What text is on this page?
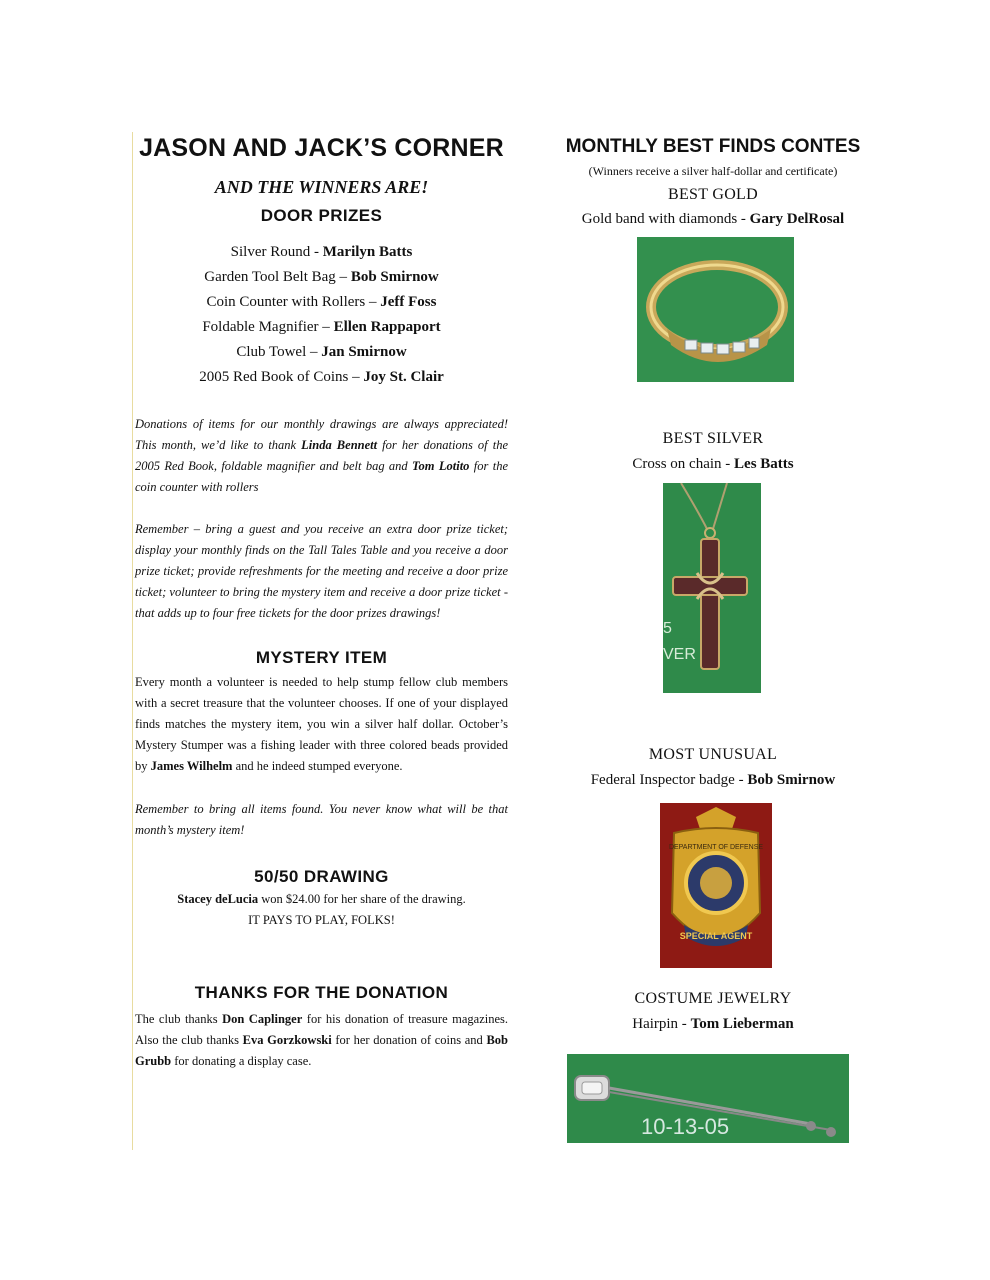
JASON AND JACK’S CORNER
AND THE WINNERS ARE!
DOOR PRIZES
Silver Round - Marilyn Batts
Garden Tool Belt Bag – Bob Smirnow
Coin Counter with Rollers – Jeff Foss
Foldable Magnifier – Ellen Rappaport
Club Towel – Jan Smirnow
2005 Red Book of Coins – Joy St. Clair

Donations of items for our monthly drawings are always appreciated! This month, we’d like to thank Linda Bennett for her donations of the 2005 Red Book, foldable magnifier and belt bag and Tom Lotito for the coin counter with rollers

Remember – bring a guest and you receive an extra door prize ticket; display your monthly finds on the Tall Tales Table and you receive a door prize ticket; provide refreshments for the meeting and receive a door prize ticket; volunteer to bring the mystery item and receive a door prize ticket - that adds up to four free tickets for the door prizes drawings!

MYSTERY ITEM

Every month a volunteer is needed to help stump fellow club members with a secret treasure that the volunteer chooses. If one of your displayed finds matches the mystery item, you win a silver half dollar. October’s Mystery Stumper was a fishing leader with three colored beads provided by James Wilhelm and he indeed stumped everyone.

Remember to bring all items found. You never know what will be that month’s mystery item!

50/50 DRAWING
Stacey deLucia won $24.00 for her share of the drawing.
IT PAYS TO PLAY, FOLKS!
THANKS FOR THE DONATION

The club thanks Don Caplinger for his donation of treasure magazines. Also the club thanks Eva Gorzkowski for her donation of coins and Bob Grubb for donating a display case.

MONTHLY BEST FINDS CONTES
(Winners receive a silver half-dollar and certificate)
BEST GOLD
Gold band with diamonds - Gary DelRosal
BEST SILVER
Cross on chain - Les Batts
MOST UNUSUAL
Federal Inspector badge - Bob Smirnow
COSTUME JEWELRY
Hairpin - Tom Lieberman
5
VER
DEPARTMENT OF DEFENSE
SPECIAL AGENT
10-13-05
